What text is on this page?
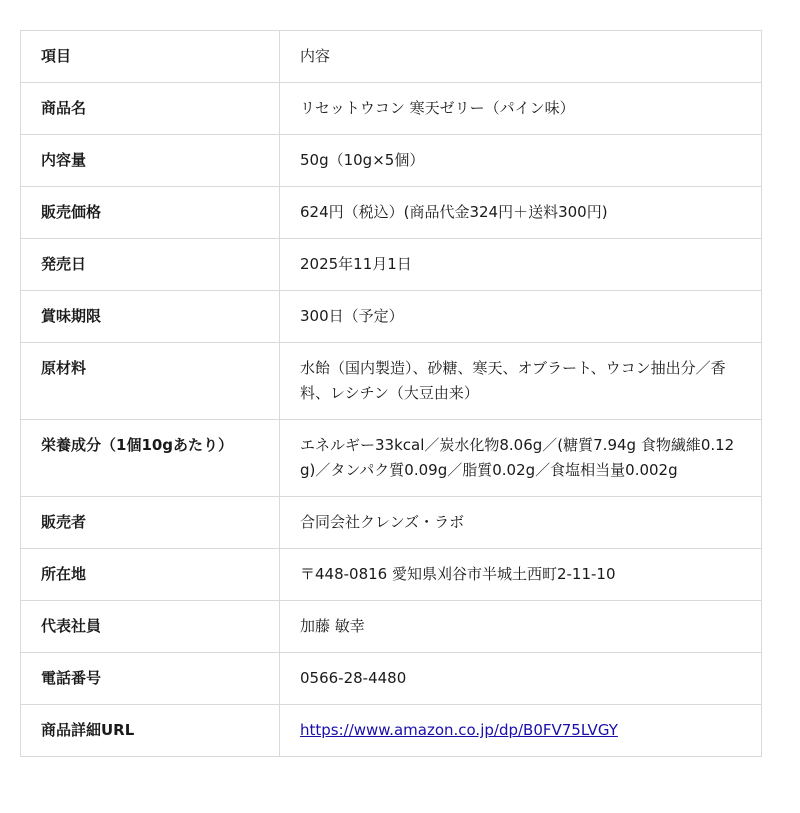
項目	内容
商品名	リセットウコン 寒天ゼリー（パイン味）
内容量	50g（10g×5個）
販売価格	624円（税込）(商品代金324円＋送料300円)
発売日	2025年11月1日
賞味期限	300日（予定）
原材料	水飴（国内製造）、砂糖、寒天、オブラート、ウコン抽出分／香料、レシチン（大豆由来）
栄養成分（1個10gあたり）	エネルギー33kcal／炭水化物8.06g／(糖質7.94g 食物繊維0.12g)／タンパク質0.09g／脂質0.02g／食塩相当量0.002g
販売者	合同会社クレンズ・ラボ
所在地	〒448-0816 愛知県刈谷市半城土西町2-11-10
代表社員	加藤 敏幸
電話番号	0566-28-4480
商品詳細URL	https://www.amazon.co.jp/dp/B0FV75LVGY
